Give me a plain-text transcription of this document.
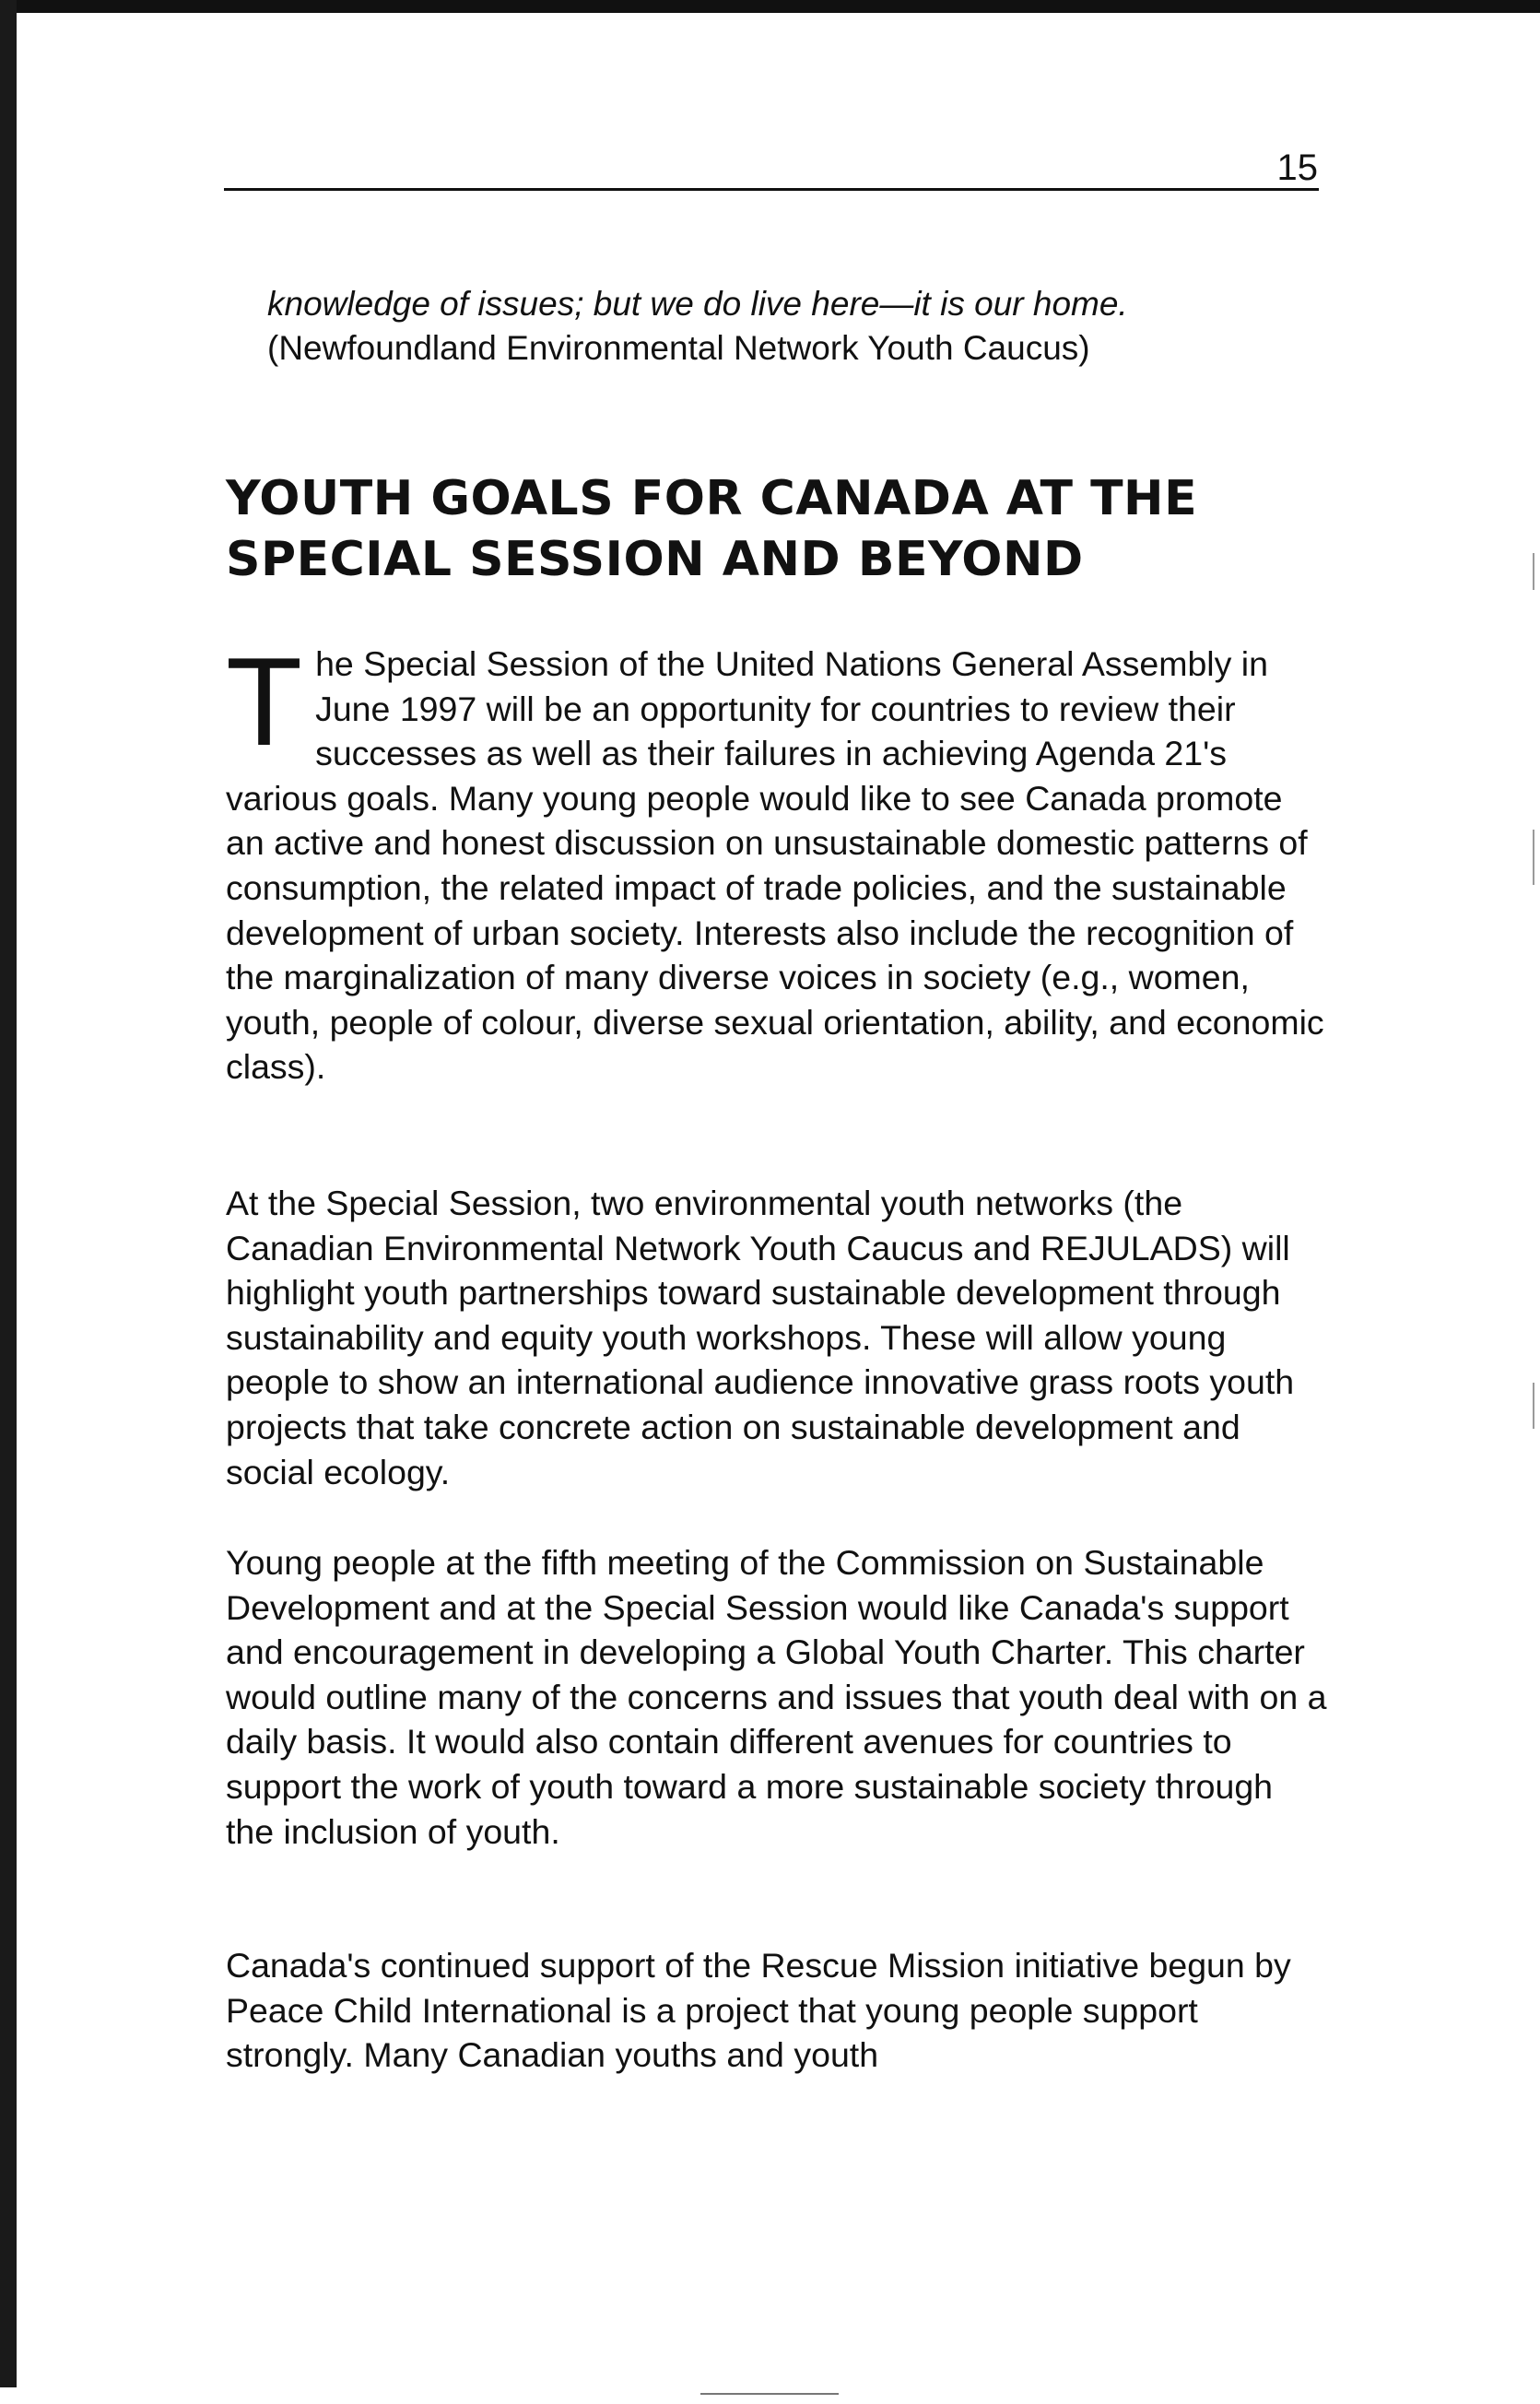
15
knowledge of issues; but we do live here—it is our home.
(Newfoundland Environmental Network Youth Caucus)
YOUTH GOALS FOR CANADA AT THE
SPECIAL SESSION AND BEYOND

The Special Session of the United Nations General Assembly in June 1997 will be an opportunity for countries to review their successes as well as their failures in achieving Agenda 21's various goals. Many young people would like to see Canada promote an active and honest discussion on unsustainable domestic patterns of consumption, the related impact of trade policies, and the sustainable development of urban society. Interests also include the recognition of the marginalization of many diverse voices in society (e.g., women, youth, people of colour, diverse sexual orientation, ability, and economic class).

At the Special Session, two environmental youth networks (the Canadian Environmental Network Youth Caucus and REJULADS) will highlight youth partnerships toward sustainable development through sustainability and equity youth workshops. These will allow young people to show an international audience innovative grass roots youth projects that take concrete action on sustainable development and social ecology.

Young people at the fifth meeting of the Commission on Sustainable Development and at the Special Session would like Canada's support and encouragement in developing a Global Youth Charter. This charter would outline many of the concerns and issues that youth deal with on a daily basis. It would also contain different avenues for countries to support the work of youth toward a more sustainable society through the inclusion of youth.

Canada's continued support of the Rescue Mission initiative begun by Peace Child International is a project that young people support strongly. Many Canadian youths and youth
